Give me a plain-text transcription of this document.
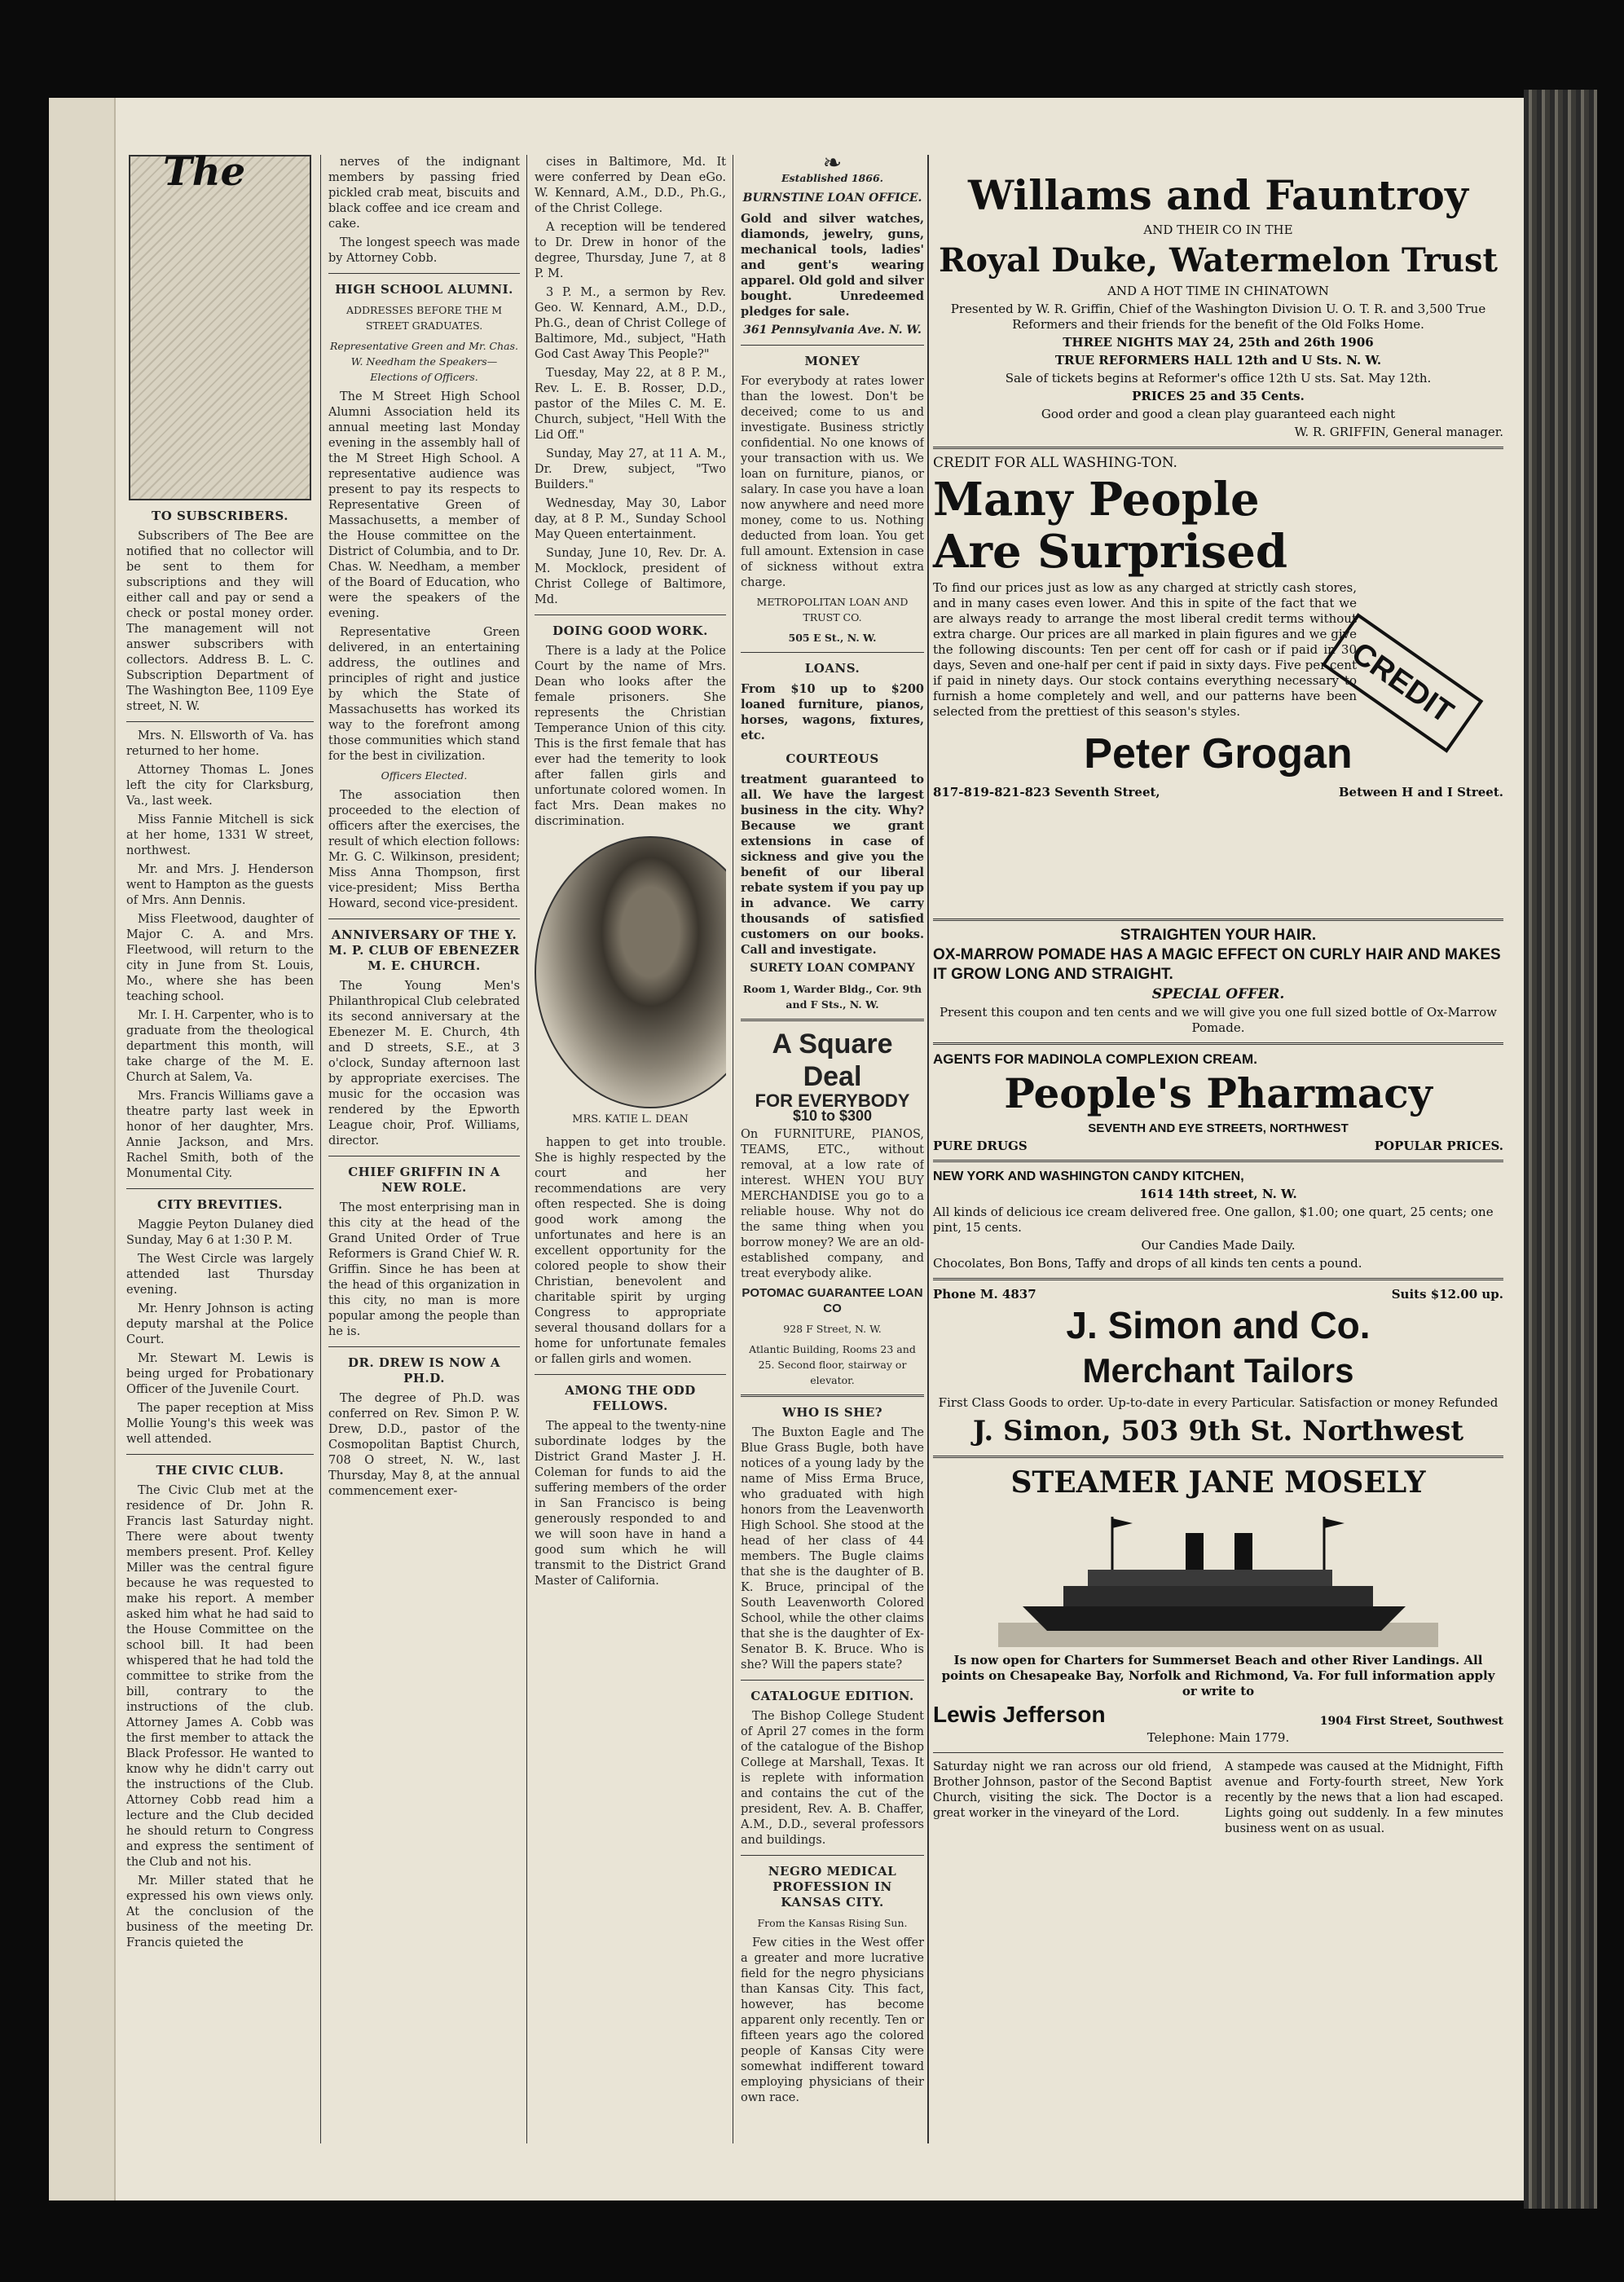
The
TO SUBSCRIBERS.

Subscribers of The Bee are notified that no collector will be sent to them for subscriptions and they will either call and pay or send a check or postal money order. The management will not answer subscribers with collectors. Address B. L. C. Subscription Department of The Washington Bee, 1109 Eye street, N. W.

Mrs. N. Ellsworth of Va. has returned to her home.

Attorney Thomas L. Jones left the city for Clarksburg, Va., last week.

Miss Fannie Mitchell is sick at her home, 1331 W street, northwest.

Mr. and Mrs. J. Henderson went to Hampton as the guests of Mrs. Ann Dennis.

Miss Fleetwood, daughter of Major C. A. and Mrs. Fleetwood, will return to the city in June from St. Louis, Mo., where she has been teaching school.

Mr. I. H. Carpenter, who is to graduate from the theological department this month, will take charge of the M. E. Church at Salem, Va.

Mrs. Francis Williams gave a theatre party last week in honor of her daughter, Mrs. Annie Jackson, and Mrs. Rachel Smith, both of the Monumental City.

CITY BREVITIES.

Maggie Peyton Dulaney died Sunday, May 6 at 1:30 P. M.

The West Circle was largely attended last Thursday evening.

Mr. Henry Johnson is acting deputy marshal at the Police Court.

Mr. Stewart M. Lewis is being urged for Probationary Officer of the Juvenile Court.

The paper reception at Miss Mollie Young's this week was well attended.

THE CIVIC CLUB.

The Civic Club met at the residence of Dr. John R. Francis last Saturday night. There were about twenty members present. Prof. Kelley Miller was the central figure because he was requested to make his report. A member asked him what he had said to the House Committee on the school bill. It had been whispered that he had told the committee to strike from the bill, contrary to the instructions of the club. Attorney James A. Cobb was the first member to attack the Black Professor. He wanted to know why he didn't carry out the instructions of the Club. Attorney Cobb read him a lecture and the Club decided he should return to Congress and express the sentiment of the Club and not his.

Mr. Miller stated that he expressed his own views only. At the conclusion of the business of the meeting Dr. Francis quieted the

nerves of the indignant members by passing fried pickled crab meat, biscuits and black coffee and ice cream and cake.

The longest speech was made by Attorney Cobb.

HIGH SCHOOL ALUMNI.
ADDRESSES BEFORE THE M STREET GRADUATES.
Representative Green and Mr. Chas. W. Needham the Speakers—Elections of Officers.

The M Street High School Alumni Association held its annual meeting last Monday evening in the assembly hall of the M Street High School. A representative audience was present to pay its respects to Representative Green of Massachusetts, a member of the House committee on the District of Columbia, and to Dr. Chas. W. Needham, a member of the Board of Education, who were the speakers of the evening.

Representative Green delivered, in an entertaining address, the outlines and principles of right and justice by which the State of Massachusetts has worked its way to the forefront among those communities which stand for the best in civilization.

Officers Elected.

The association then proceeded to the election of officers after the exercises, the result of which election follows: Mr. G. C. Wilkinson, president; Miss Anna Thompson, first vice-president; Miss Bertha Howard, second vice-president.

ANNIVERSARY OF THE Y. M. P. CLUB OF EBENEZER M. E. CHURCH.

The Young Men's Philanthropical Club celebrated its second anniversary at the Ebenezer M. E. Church, 4th and D streets, S.E., at 3 o'clock, Sunday afternoon last by appropriate exercises. The music for the occasion was rendered by the Epworth League choir, Prof. Williams, director.

CHIEF GRIFFIN IN A NEW ROLE.

The most enterprising man in this city at the head of the Grand United Order of True Reformers is Grand Chief W. R. Griffin. Since he has been at the head of this organization in this city, no man is more popular among the people than he is.

DR. DREW IS NOW A PH.D.

The degree of Ph.D. was conferred on Rev. Simon P. W. Drew, D.D., pastor of the Cosmopolitan Baptist Church, 708 O street, N. W., last Thursday, May 8, at the annual commencement exer-

cises in Baltimore, Md. It were conferred by Dean eGo. W. Kennard, A.M., D.D., Ph.G., of the Christ College.

A reception will be tendered to Dr. Drew in honor of the degree, Thursday, June 7, at 8 P. M.

3 P. M., a sermon by Rev. Geo. W. Kennard, A.M., D.D., Ph.G., dean of Christ College of Baltimore, Md., subject, "Hath God Cast Away This People?"

Tuesday, May 22, at 8 P. M., Rev. L. E. B. Rosser, D.D., pastor of the Miles C. M. E. Church, subject, "Hell With the Lid Off."

Sunday, May 27, at 11 A. M., Dr. Drew, subject, "Two Builders."

Wednesday, May 30, Labor day, at 8 P. M., Sunday School May Queen entertainment.

Sunday, June 10, Rev. Dr. A. M. Mocklock, president of Christ College of Baltimore, Md.

DOING GOOD WORK.

There is a lady at the Police Court by the name of Mrs. Dean who looks after the female prisoners. She represents the Christian Temperance Union of this city. This is the first female that has ever had the temerity to look after fallen girls and unfortunate colored women. In fact Mrs. Dean makes no discrimination.

MRS. KATIE L. DEAN

happen to get into trouble. She is highly respected by the court and her recommendations are very often respected. She is doing good work among the unfortunates and here is an excellent opportunity for the colored people to show their Christian, benevolent and charitable spirit by urging Congress to appropriate several thousand dollars for a home for unfortunate females or fallen girls and women.

AMONG THE ODD FELLOWS.

The appeal to the twenty-nine subordinate lodges by the District Grand Master J. H. Coleman for funds to aid the suffering members of the order in San Francisco is being generously responded to and we will soon have in hand a good sum which he will transmit to the District Grand Master of California.

❧
Established 1866.
BURNSTINE LOAN OFFICE.

Gold and silver watches, diamonds, jewelry, guns, mechanical tools, ladies' and gent's wearing apparel. Old gold and silver bought. Unredeemed pledges for sale.

361 Pennsylvania Ave. N. W.
MONEY

For everybody at rates lower than the lowest. Don't be deceived; come to us and investigate. Business strictly confidential. No one knows of your transaction with us. We loan on furniture, pianos, or salary. In case you have a loan now anywhere and need more money, come to us. Nothing deducted from loan. You get full amount. Extension in case of sickness without extra charge.

METROPOLITAN LOAN AND TRUST CO.
505 E St., N. W.
LOANS.

From $10 up to $200 loaned furniture, pianos, horses, wagons, fixtures, etc.

COURTEOUS

treatment guaranteed to all. We have the largest business in the city. Why? Because we grant extensions in case of sickness and give you the benefit of our liberal rebate system if you pay up in advance. We carry thousands of satisfied customers on our books. Call and investigate.

SURETY LOAN COMPANY
Room 1, Warder Bldg., Cor. 9th and F Sts., N. W.
A Square Deal
FOR EVERYBODY
$10 to $300

On FURNITURE, PIANOS, TEAMS, ETC., without removal, at a low rate of interest. WHEN YOU BUY MERCHANDISE you go to a reliable house. Why not do the same thing when you borrow money? We are an old-established company, and treat everybody alike.

POTOMAC GUARANTEE LOAN CO
928 F Street, N. W.
Atlantic Building, Rooms 23 and 25. Second floor, stairway or elevator.
WHO IS SHE?

The Buxton Eagle and The Blue Grass Bugle, both have notices of a young lady by the name of Miss Erma Bruce, who graduated with high honors from the Leavenworth High School. She stood at the head of her class of 44 members. The Bugle claims that she is the daughter of B. K. Bruce, principal of the South Leavenworth Colored School, while the other claims that she is the daughter of Ex-Senator B. K. Bruce. Who is she? Will the papers state?

CATALOGUE EDITION.

The Bishop College Student of April 27 comes in the form of the catalogue of the Bishop College at Marshall, Texas. It is replete with information and contains the cut of the president, Rev. A. B. Chaffer, A.M., D.D., several professors and buildings.

NEGRO MEDICAL PROFESSION IN KANSAS CITY.
From the Kansas Rising Sun.

Few cities in the West offer a greater and more lucrative field for the negro physicians than Kansas City. This fact, however, has become apparent only recently. Ten or fifteen years ago the colored people of Kansas City were somewhat indifferent toward employing physicians of their own race.

Willams and Fauntroy

AND THEIR CO IN THE

Royal Duke, Watermelon Trust

AND A HOT TIME IN CHINATOWN

Presented by W. R. Griffin, Chief of the Washington Division U. O. T. R. and 3,500 True Reformers and their friends for the benefit of the Old Folks Home.

THREE NIGHTS MAY 24, 25th and 26th 1906

TRUE REFORMERS HALL 12th and U Sts. N. W.

Sale of tickets begins at Reformer's office 12th U sts. Sat. May 12th.

PRICES 25 and 35 Cents.

Good order and good a clean play guaranteed each night

W. R. GRIFFIN, General manager.

CREDIT FOR ALL WASHING-TON.

Many People
Are Surprised

To find our prices just as low as any charged at strictly cash stores, and in many cases even lower. And this in spite of the fact that we are always ready to arrange the most liberal credit terms without extra charge. Our prices are all marked in plain figures and we give the following discounts: Ten per cent off for cash or if paid in 30 days, Seven and one-half per cent if paid in sixty days. Five per cent if paid in ninety days. Our stock contains everything necessary to furnish a home completely and well, and our patterns have been selected from the prettiest of this season's styles.	CREDIT
Peter Grogan
817-819-821-823 Seventh Street,	Between H and I Street.

STRAIGHTEN YOUR HAIR.

OX-MARROW POMADE HAS A MAGIC EFFECT ON CURLY HAIR AND MAKES IT GROW LONG AND STRAIGHT.

SPECIAL OFFER.

Present this coupon and ten cents and we will give you one full sized bottle of Ox-Marrow Pomade.

AGENTS FOR MADINOLA COMPLEXION CREAM.

People's Pharmacy

SEVENTH AND EYE STREETS, NORTHWEST

PURE DRUGS	POPULAR PRICES.

NEW YORK AND WASHINGTON CANDY KITCHEN,

1614 14th street, N. W.

All kinds of delicious ice cream delivered free. One gallon, $1.00; one quart, 25 cents; one pint, 15 cents.

Our Candies Made Daily.

Chocolates, Bon Bons, Taffy and drops of all kinds ten cents a pound.

Phone M. 4837	Suits $12.00 up.
J. Simon and Co.
Merchant Tailors

First Class Goods to order. Up-to-date in every Particular. Satisfaction or money Refunded

J. Simon, 503 9th St. Northwest
STEAMER JANE MOSELY

Is now open for Charters for Summerset Beach and other River Landings. All points on Chesapeake Bay, Norfolk and Richmond, Va. For full information apply or write to

Lewis Jefferson	1904 First Street, Southwest

Telephone: Main 1779.

Saturday night we ran across our old friend, Brother Johnson, pastor of the Second Baptist Church, visiting the sick. The Doctor is a great worker in the vineyard of the Lord.

A stampede was caused at the Midnight, Fifth avenue and Forty-fourth street, New York recently by the news that a lion had escaped. Lights going out suddenly. In a few minutes business went on as usual.
